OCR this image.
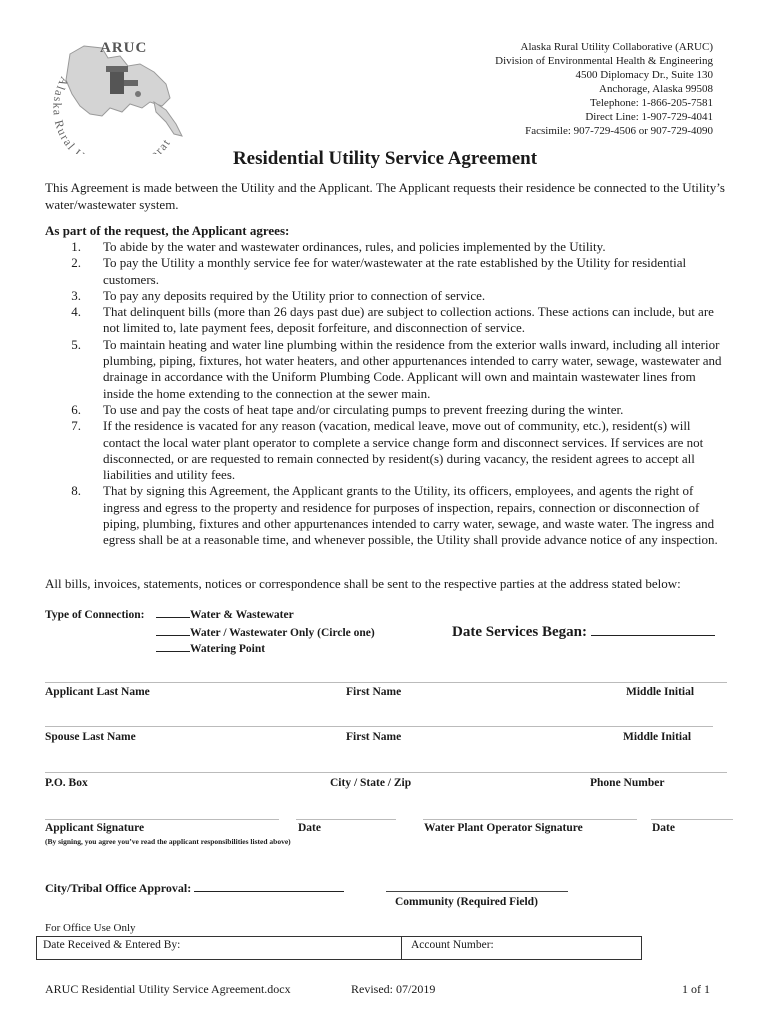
Alaska Rural rat
ARUC	Alaska Rural Utility Collaborative (ARUC)
Division of Environmental Health & Engineering
4500 Diplomacy Dr., Suite 130
Anchorage, Alaska 99508
Telephone: 1-866-205-7581
Direct Line: 1-907-729-4041
Facsimile: 907-729-4506 or 907-729-4090
Residential Utility Service Agreement
This Agreement is made between the Utility and the Applicant. The Applicant requests their residence be connected to the Utility’s water/wastewater system.
As part of the request, the Applicant agrees:
1.	To abide by the water and wastewater ordinances, rules, and policies implemented by the Utility.
2.	To pay the Utility a monthly service fee for water/wastewater at the rate established by the Utility for residential customers.
3.	To pay any deposits required by the Utility prior to connection of service.
4.	That delinquent bills (more than 26 days past due) are subject to collection actions. These actions can include, but are not limited to, late payment fees, deposit forfeiture, and disconnection of service.
5.	To maintain heating and water line plumbing within the residence from the exterior walls inward, including all interior plumbing, piping, fixtures, hot water heaters, and other appurtenances intended to carry water, sewage, wastewater and drainage in accordance with the Uniform Plumbing Code. Applicant will own and maintain wastewater lines from inside the home extending to the connection at the sewer main.
6.	To use and pay the costs of heat tape and/or circulating pumps to prevent freezing during the winter.
7.	If the residence is vacated for any reason (vacation, medical leave, move out of community, etc.), resident(s) will contact the local water plant operator to complete a service change form and disconnect services. If services are not disconnected, or are requested to remain connected by resident(s) during vacancy, the resident agrees to accept all liabilities and utility fees.
8.	That by signing this Agreement, the Applicant grants to the Utility, its officers, employees, and agents the right of ingress and egress to the property and residence for purposes of inspection, repairs, connection or disconnection of piping, plumbing, fixtures and other appurtenances intended to carry water, sewage, and waste water. The ingress and egress shall be at a reasonable time, and whenever possible, the Utility shall provide advance notice of any inspection.
All bills, invoices, statements, notices or correspondence shall be sent to the respective parties at the address stated below:
Type of Connection:	Water & Wastewater
Water / Wastewater Only (Circle one)
Watering Point
Date Services Began:
Applicant Last Name	First Name	Middle Initial
Spouse Last Name	First Name	Middle Initial
P.O. Box	City / State / Zip	Phone Number
Applicant Signature	Date	Water Plant Operator Signature	Date
(By signing, you agree you’ve read the applicant responsibilities listed above)
City/Tribal Office Approval:
Community (Required Field)
For Office Use Only
Date Received & Entered By:	Account Number:
ARUC Residential Utility Service Agreement.docx	Revised: 07/2019	1 of 1
